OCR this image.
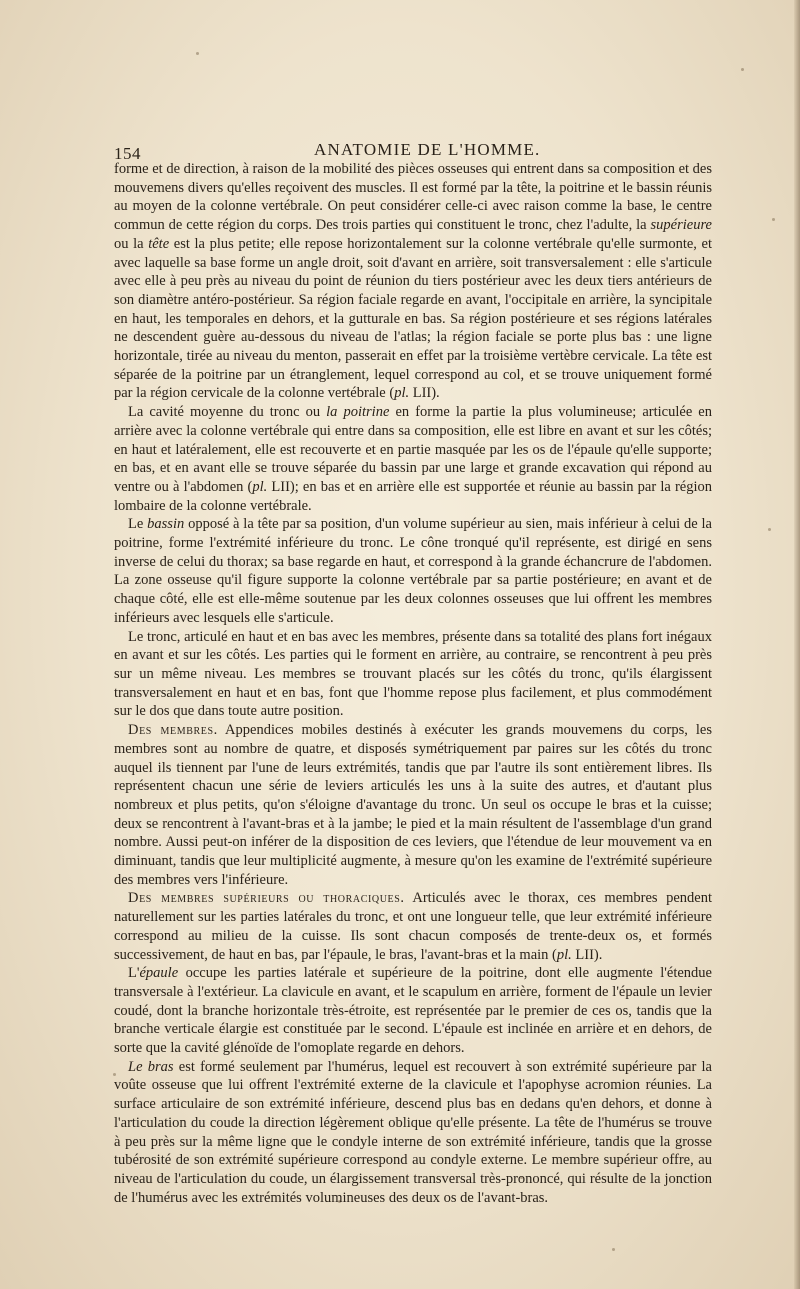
154	ANATOMIE DE L'HOMME.

forme et de direction, à raison de la mobilité des pièces osseuses qui entrent dans sa composition et des mouvemens divers qu'elles reçoivent des muscles. Il est formé par la tête, la poitrine et le bassin réunis au moyen de la colonne vertébrale. On peut considérer celle-ci avec raison comme la base, le centre commun de cette région du corps. Des trois parties qui constituent le tronc, chez l'adulte, la supérieure ou la tête est la plus petite; elle repose horizontalement sur la colonne vertébrale qu'elle surmonte, et avec laquelle sa base forme un angle droit, soit d'avant en arrière, soit transversalement : elle s'articule avec elle à peu près au niveau du point de réunion du tiers postérieur avec les deux tiers antérieurs de son diamètre antéro-postérieur. Sa région faciale regarde en avant, l'occipitale en arrière, la syncipitale en haut, les temporales en dehors, et la gutturale en bas. Sa région postérieure et ses régions latérales ne descendent guère au-dessous du niveau de l'atlas; la région faciale se porte plus bas : une ligne horizontale, tirée au niveau du menton, passerait en effet par la troisième vertèbre cervicale. La tête est séparée de la poitrine par un étranglement, lequel correspond au col, et se trouve uniquement formé par la région cervicale de la colonne vertébrale (pl. LII).

La cavité moyenne du tronc ou la poitrine en forme la partie la plus volumineuse; articulée en arrière avec la colonne vertébrale qui entre dans sa composition, elle est libre en avant et sur les côtés; en haut et latéralement, elle est recouverte et en partie masquée par les os de l'épaule qu'elle supporte; en bas, et en avant elle se trouve séparée du bassin par une large et grande excavation qui répond au ventre ou à l'abdomen (pl. LII); en bas et en arrière elle est supportée et réunie au bassin par la région lombaire de la colonne vertébrale.

Le bassin opposé à la tête par sa position, d'un volume supérieur au sien, mais inférieur à celui de la poitrine, forme l'extrémité inférieure du tronc. Le cône tronqué qu'il représente, est dirigé en sens inverse de celui du thorax; sa base regarde en haut, et correspond à la grande échancrure de l'abdomen. La zone osseuse qu'il figure supporte la colonne vertébrale par sa partie postérieure; en avant et de chaque côté, elle est elle-même soutenue par les deux colonnes osseuses que lui offrent les membres inférieurs avec lesquels elle s'articule.

Le tronc, articulé en haut et en bas avec les membres, présente dans sa totalité des plans fort inégaux en avant et sur les côtés. Les parties qui le forment en arrière, au contraire, se rencontrent à peu près sur un même niveau. Les membres se trouvant placés sur les côtés du tronc, qu'ils élargissent transversalement en haut et en bas, font que l'homme repose plus facilement, et plus commodément sur le dos que dans toute autre position.

Des membres. Appendices mobiles destinés à exécuter les grands mouvemens du corps, les membres sont au nombre de quatre, et disposés symétriquement par paires sur les côtés du tronc auquel ils tiennent par l'une de leurs extrémités, tandis que par l'autre ils sont entièrement libres. Ils représentent chacun une série de leviers articulés les uns à la suite des autres, et d'autant plus nombreux et plus petits, qu'on s'éloigne d'avantage du tronc. Un seul os occupe le bras et la cuisse; deux se rencontrent à l'avant-bras et à la jambe; le pied et la main résultent de l'assemblage d'un grand nombre. Aussi peut-on inférer de la disposition de ces leviers, que l'étendue de leur mouvement va en diminuant, tandis que leur multiplicité augmente, à mesure qu'on les examine de l'extrémité supérieure des membres vers l'inférieure.

Des membres supérieurs ou thoraciques. Articulés avec le thorax, ces membres pendent naturellement sur les parties latérales du tronc, et ont une longueur telle, que leur extrémité inférieure correspond au milieu de la cuisse. Ils sont chacun composés de trente-deux os, et formés successivement, de haut en bas, par l'épaule, le bras, l'avant-bras et la main (pl. LII).

L'épaule occupe les parties latérale et supérieure de la poitrine, dont elle augmente l'étendue transversale à l'extérieur. La clavicule en avant, et le scapulum en arrière, forment de l'épaule un levier coudé, dont la branche horizontale très-étroite, est représentée par le premier de ces os, tandis que la branche verticale élargie est constituée par le second. L'épaule est inclinée en arrière et en dehors, de sorte que la cavité glénoïde de l'omoplate regarde en dehors.

Le bras est formé seulement par l'humérus, lequel est recouvert à son extrémité supérieure par la voûte osseuse que lui offrent l'extrémité externe de la clavicule et l'apophyse acromion réunies. La surface articulaire de son extrémité inférieure, descend plus bas en dedans qu'en dehors, et donne à l'articulation du coude la direction légèrement oblique qu'elle présente. La tête de l'humérus se trouve à peu près sur la même ligne que le condyle interne de son extrémité inférieure, tandis que la grosse tubérosité de son extrémité supérieure correspond au condyle externe. Le membre supérieur offre, au niveau de l'articulation du coude, un élargissement transversal très-prononcé, qui résulte de la jonction de l'humérus avec les extrémités volumineuses des deux os de l'avant-bras.
